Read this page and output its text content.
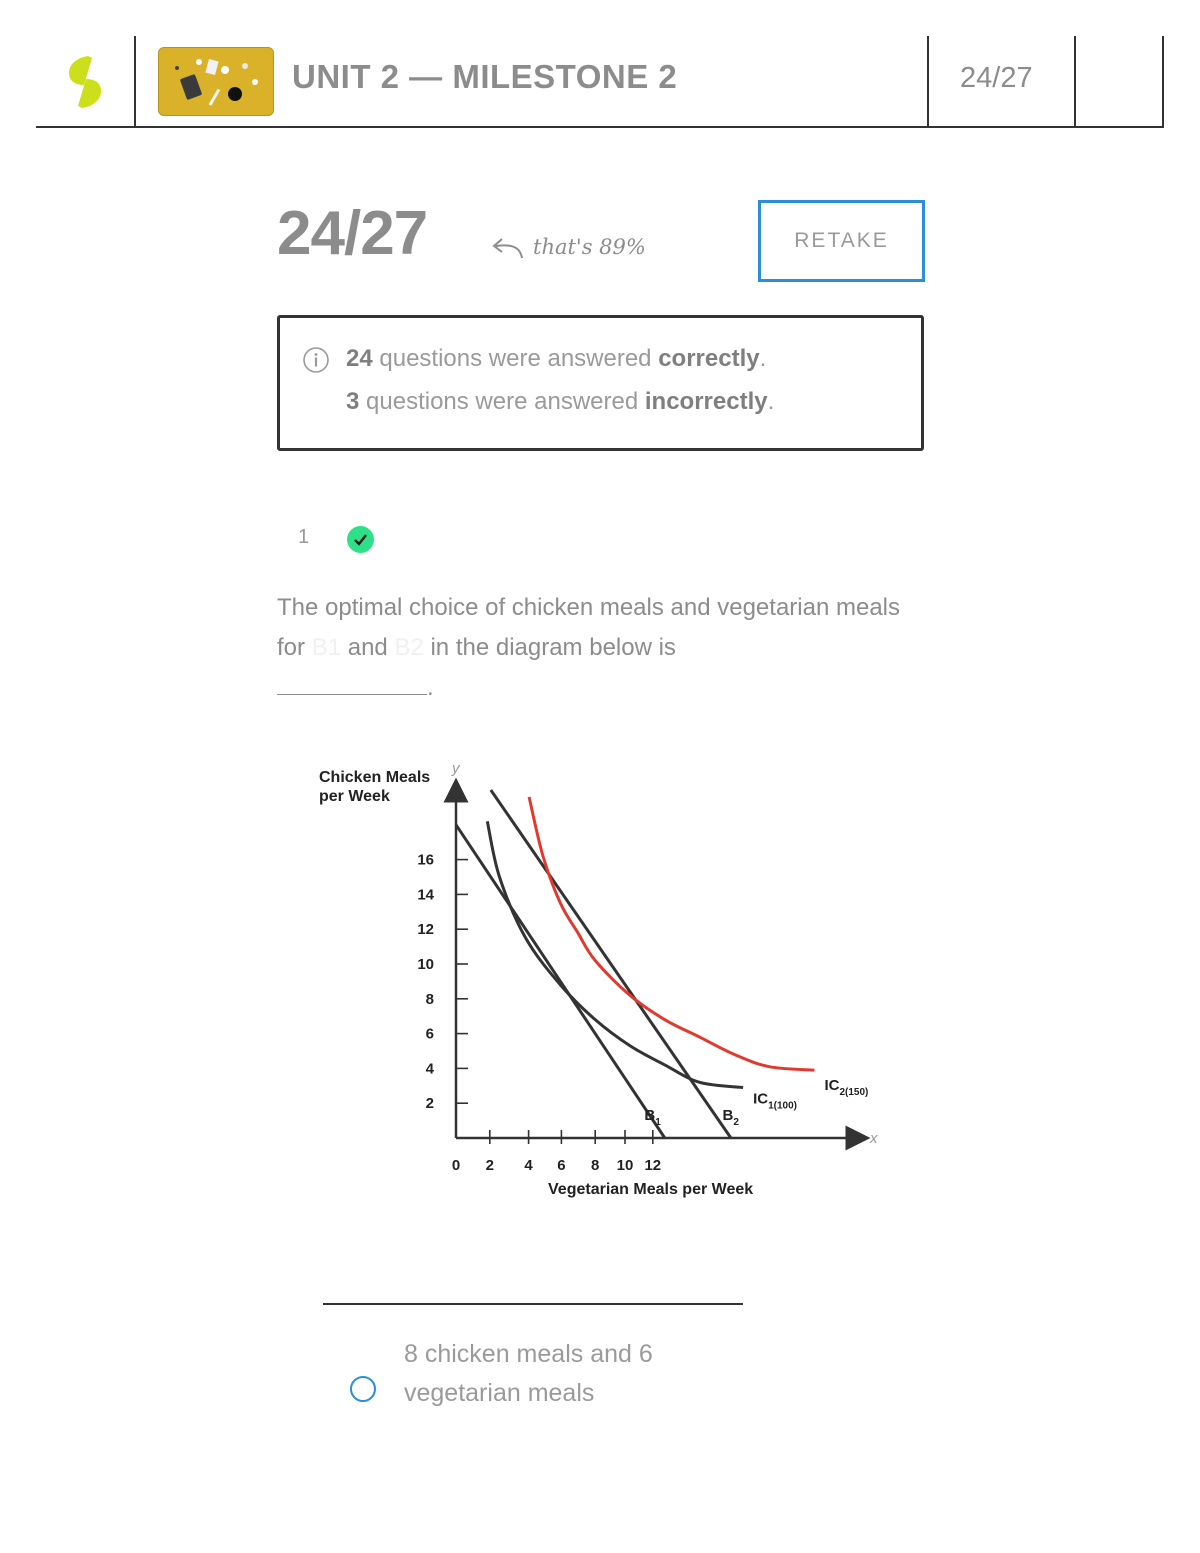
UNIT 2 — MILESTONE 2	24/27
24/27	that's 89%	RETAKE
24 questions were answered correctly.
3 questions were answered incorrectly.
1
The optimal choice of chicken meals and vegetarian meals for B1 and B2 in the diagram below is
.
0 2 4 6 8 10 12
2
4
6
8
10
12
14
16
$B_1$	$B_2$
$IC_{1(100)}$
$IC_{2(150)}$
Chicken Meals per Week
Vegetarian Meals per Week
y
x
8 chicken meals and 6 vegetarian meals
